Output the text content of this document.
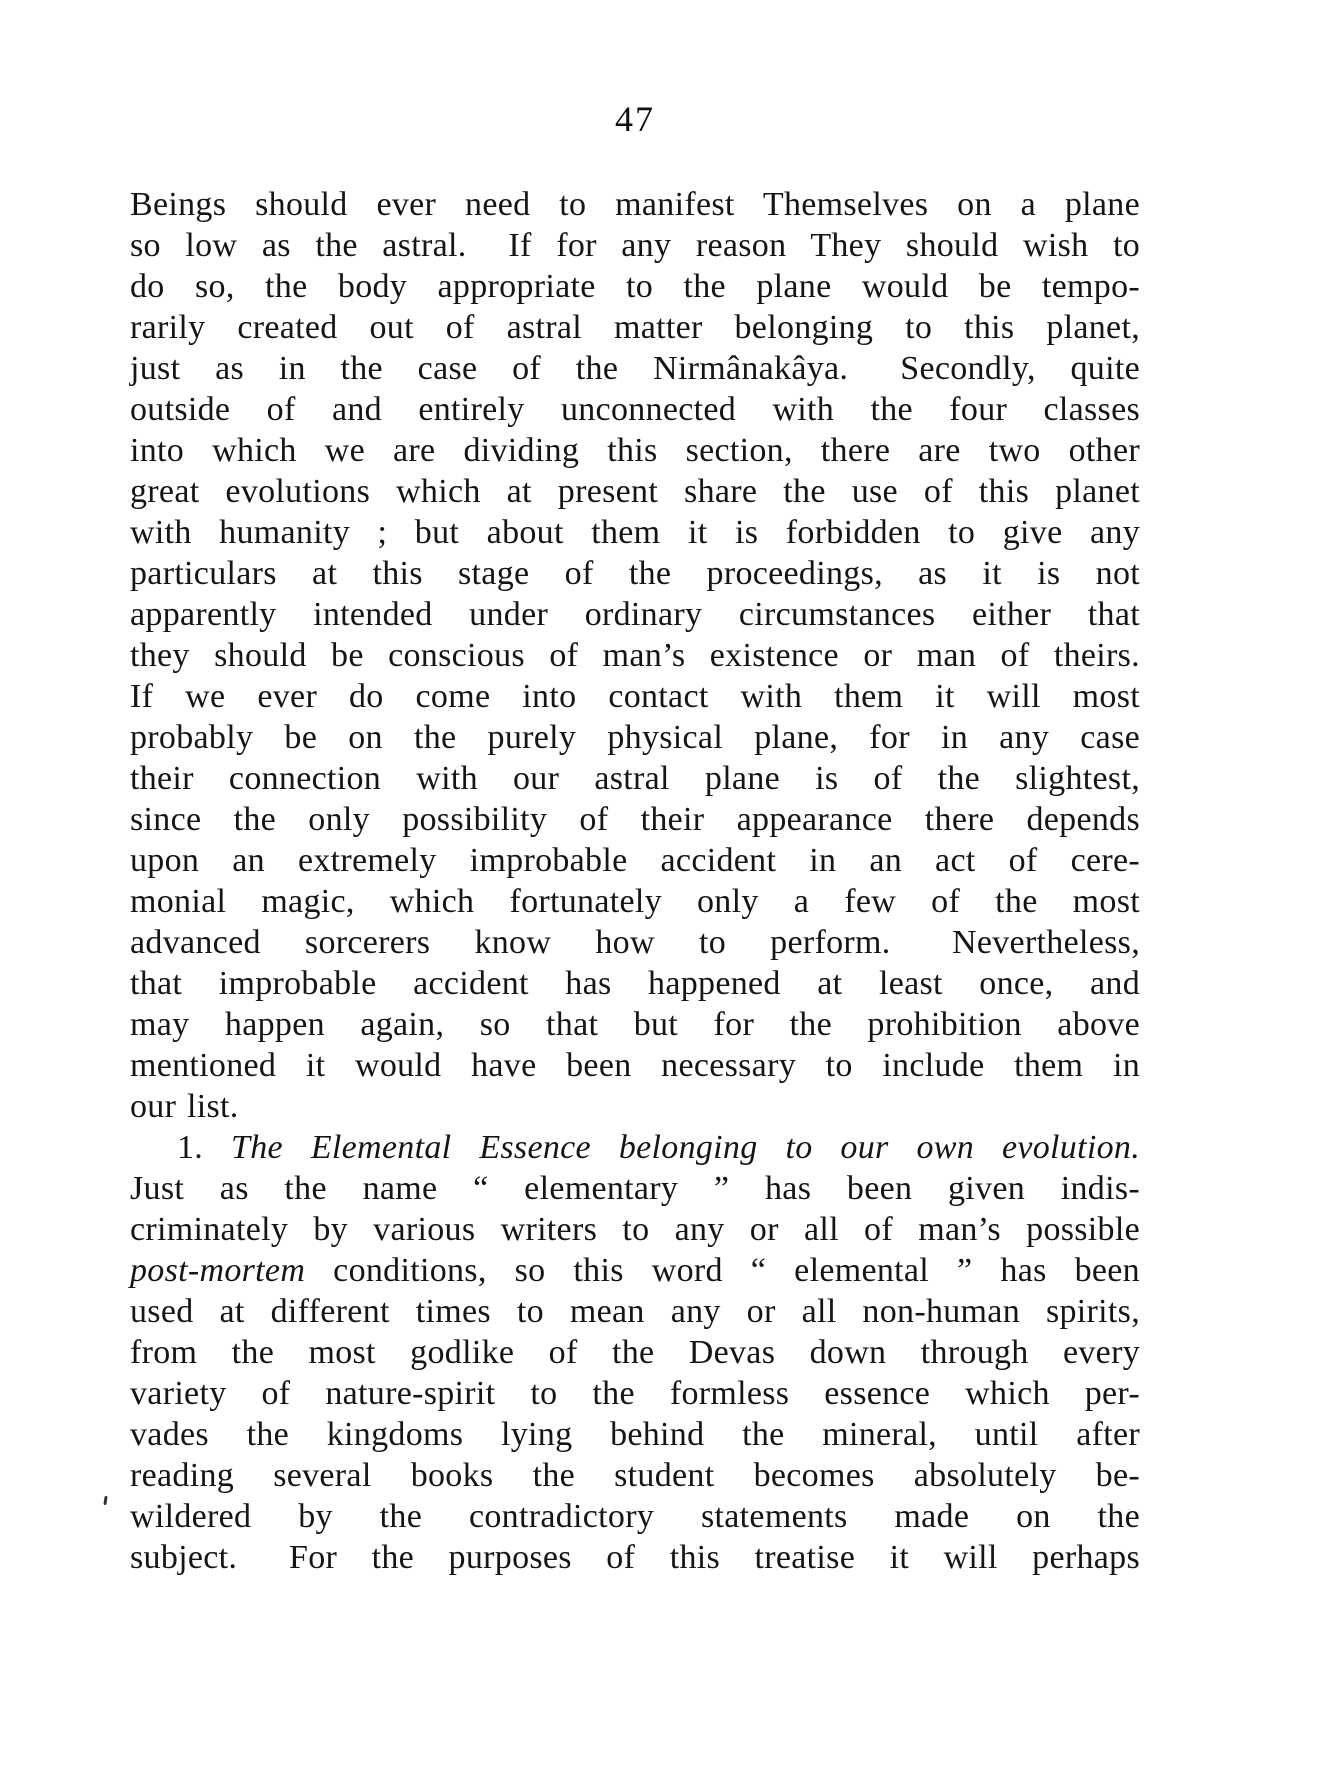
47
Beings should ever need to manifest Themselves on a plane
so low as the astral.  If for any reason They should wish to
do so, the body appropriate to the plane would be tempo-
rarily created out of astral matter belonging to this planet,
just as in the case of the Nirmânakâya.  Secondly, quite
outside of and entirely unconnected with the four classes
into which we are dividing this section, there are two other
great evolutions which at present share the use of this planet
with humanity ; but about them it is forbidden to give any
particulars at this stage of the proceedings, as it is not
apparently intended under ordinary circumstances either that
they should be conscious of man’s existence or man of theirs.
If we ever do come into contact with them it will most
probably be on the purely physical plane, for in any case
their connection with our astral plane is of the slightest,
since the only possibility of their appearance there depends
upon an extremely improbable accident in an act of cere-
monial magic, which fortunately only a few of the most
advanced sorcerers know how to perform.  Nevertheless,
that improbable accident has happened at least once, and
may happen again, so that but for the prohibition above
mentioned it would have been necessary to include them in
our list.
1. The Elemental Essence belonging to our own evolution.
Just as the name “ elementary ” has been given indis-
criminately by various writers to any or all of man’s possible
post-mortem conditions, so this word “ elemental ” has been
used at different times to mean any or all non-human spirits,
from the most godlike of the Devas down through every
variety of nature-spirit to the formless essence which per-
vades the kingdoms lying behind the mineral, until after
reading several books the student becomes absolutely be-
wildered by the contradictory statements made on the
subject.  For the purposes of this treatise it will perhaps
